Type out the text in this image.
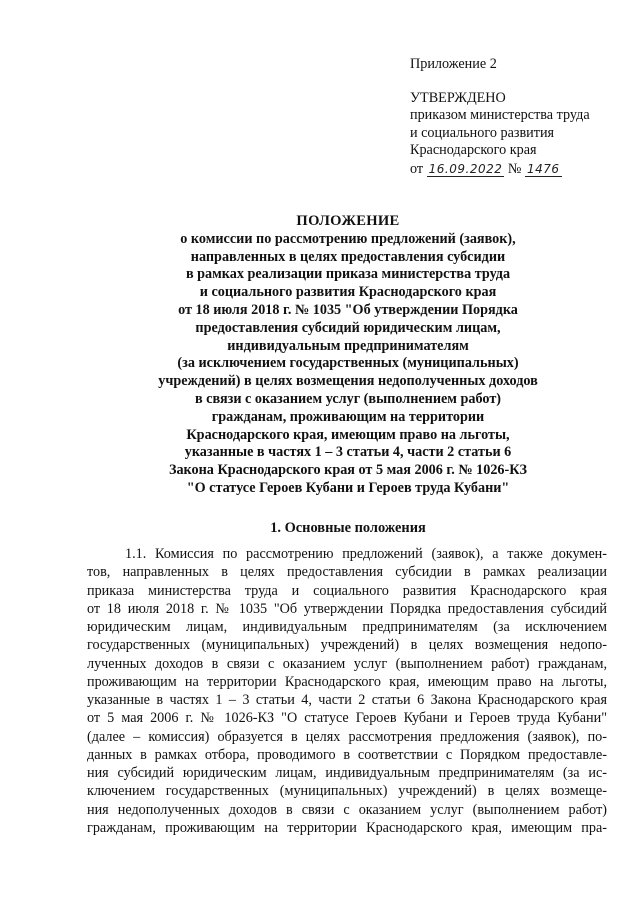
Приложение 2
УТВЕРЖДЕНО
приказом министерства труда
и социального развития
Краснодарского края
от 16.09.2022 № 1476
ПОЛОЖЕНИЕ
о комиссии по рассмотрению предложений (заявок),
направленных в целях предоставления субсидии
в рамках реализации приказа министерства труда
и социального развития Краснодарского края
от 18 июля 2018 г. № 1035 "Об утверждении Порядка
предоставления субсидий юридическим лицам,
индивидуальным предпринимателям
(за исключением государственных (муниципальных)
учреждений) в целях возмещения недополученных доходов
в связи с оказанием услуг (выполнением работ)
гражданам, проживающим на территории
Краснодарского края, имеющим право на льготы,
указанные в частях 1 – 3 статьи 4, части 2 статьи 6
Закона Краснодарского края от 5 мая 2006 г. № 1026-КЗ
"О статусе Героев Кубани и Героев труда Кубани"
1. Основные положения
1.1. Комиссия по рассмотрению предложений (заявок), а также докумен-
тов, направленных в целях предоставления субсидии в рамках реализации
приказа министерства труда и социального развития Краснодарского края
от 18 июля 2018 г. № 1035 "Об утверждении Порядка предоставления субсидий
юридическим лицам, индивидуальным предпринимателям (за исключением
государственных (муниципальных) учреждений) в целях возмещения недопо-
лученных доходов в связи с оказанием услуг (выполнением работ) гражданам,
проживающим на территории Краснодарского края, имеющим право на льготы,
указанные в частях 1 – 3 статьи 4, части 2 статьи 6 Закона Краснодарского края
от 5 мая 2006 г. № 1026-КЗ "О статусе Героев Кубани и Героев труда Кубани"
(далее – комиссия) образуется в целях рассмотрения предложения (заявок), по-
данных в рамках отбора, проводимого в соответствии с Порядком предоставле-
ния субсидий юридическим лицам, индивидуальным предпринимателям (за ис-
ключением государственных (муниципальных) учреждений) в целях возмеще-
ния недополученных доходов в связи с оказанием услуг (выполнением работ)
гражданам, проживающим на территории Краснодарского края, имеющим пра-
